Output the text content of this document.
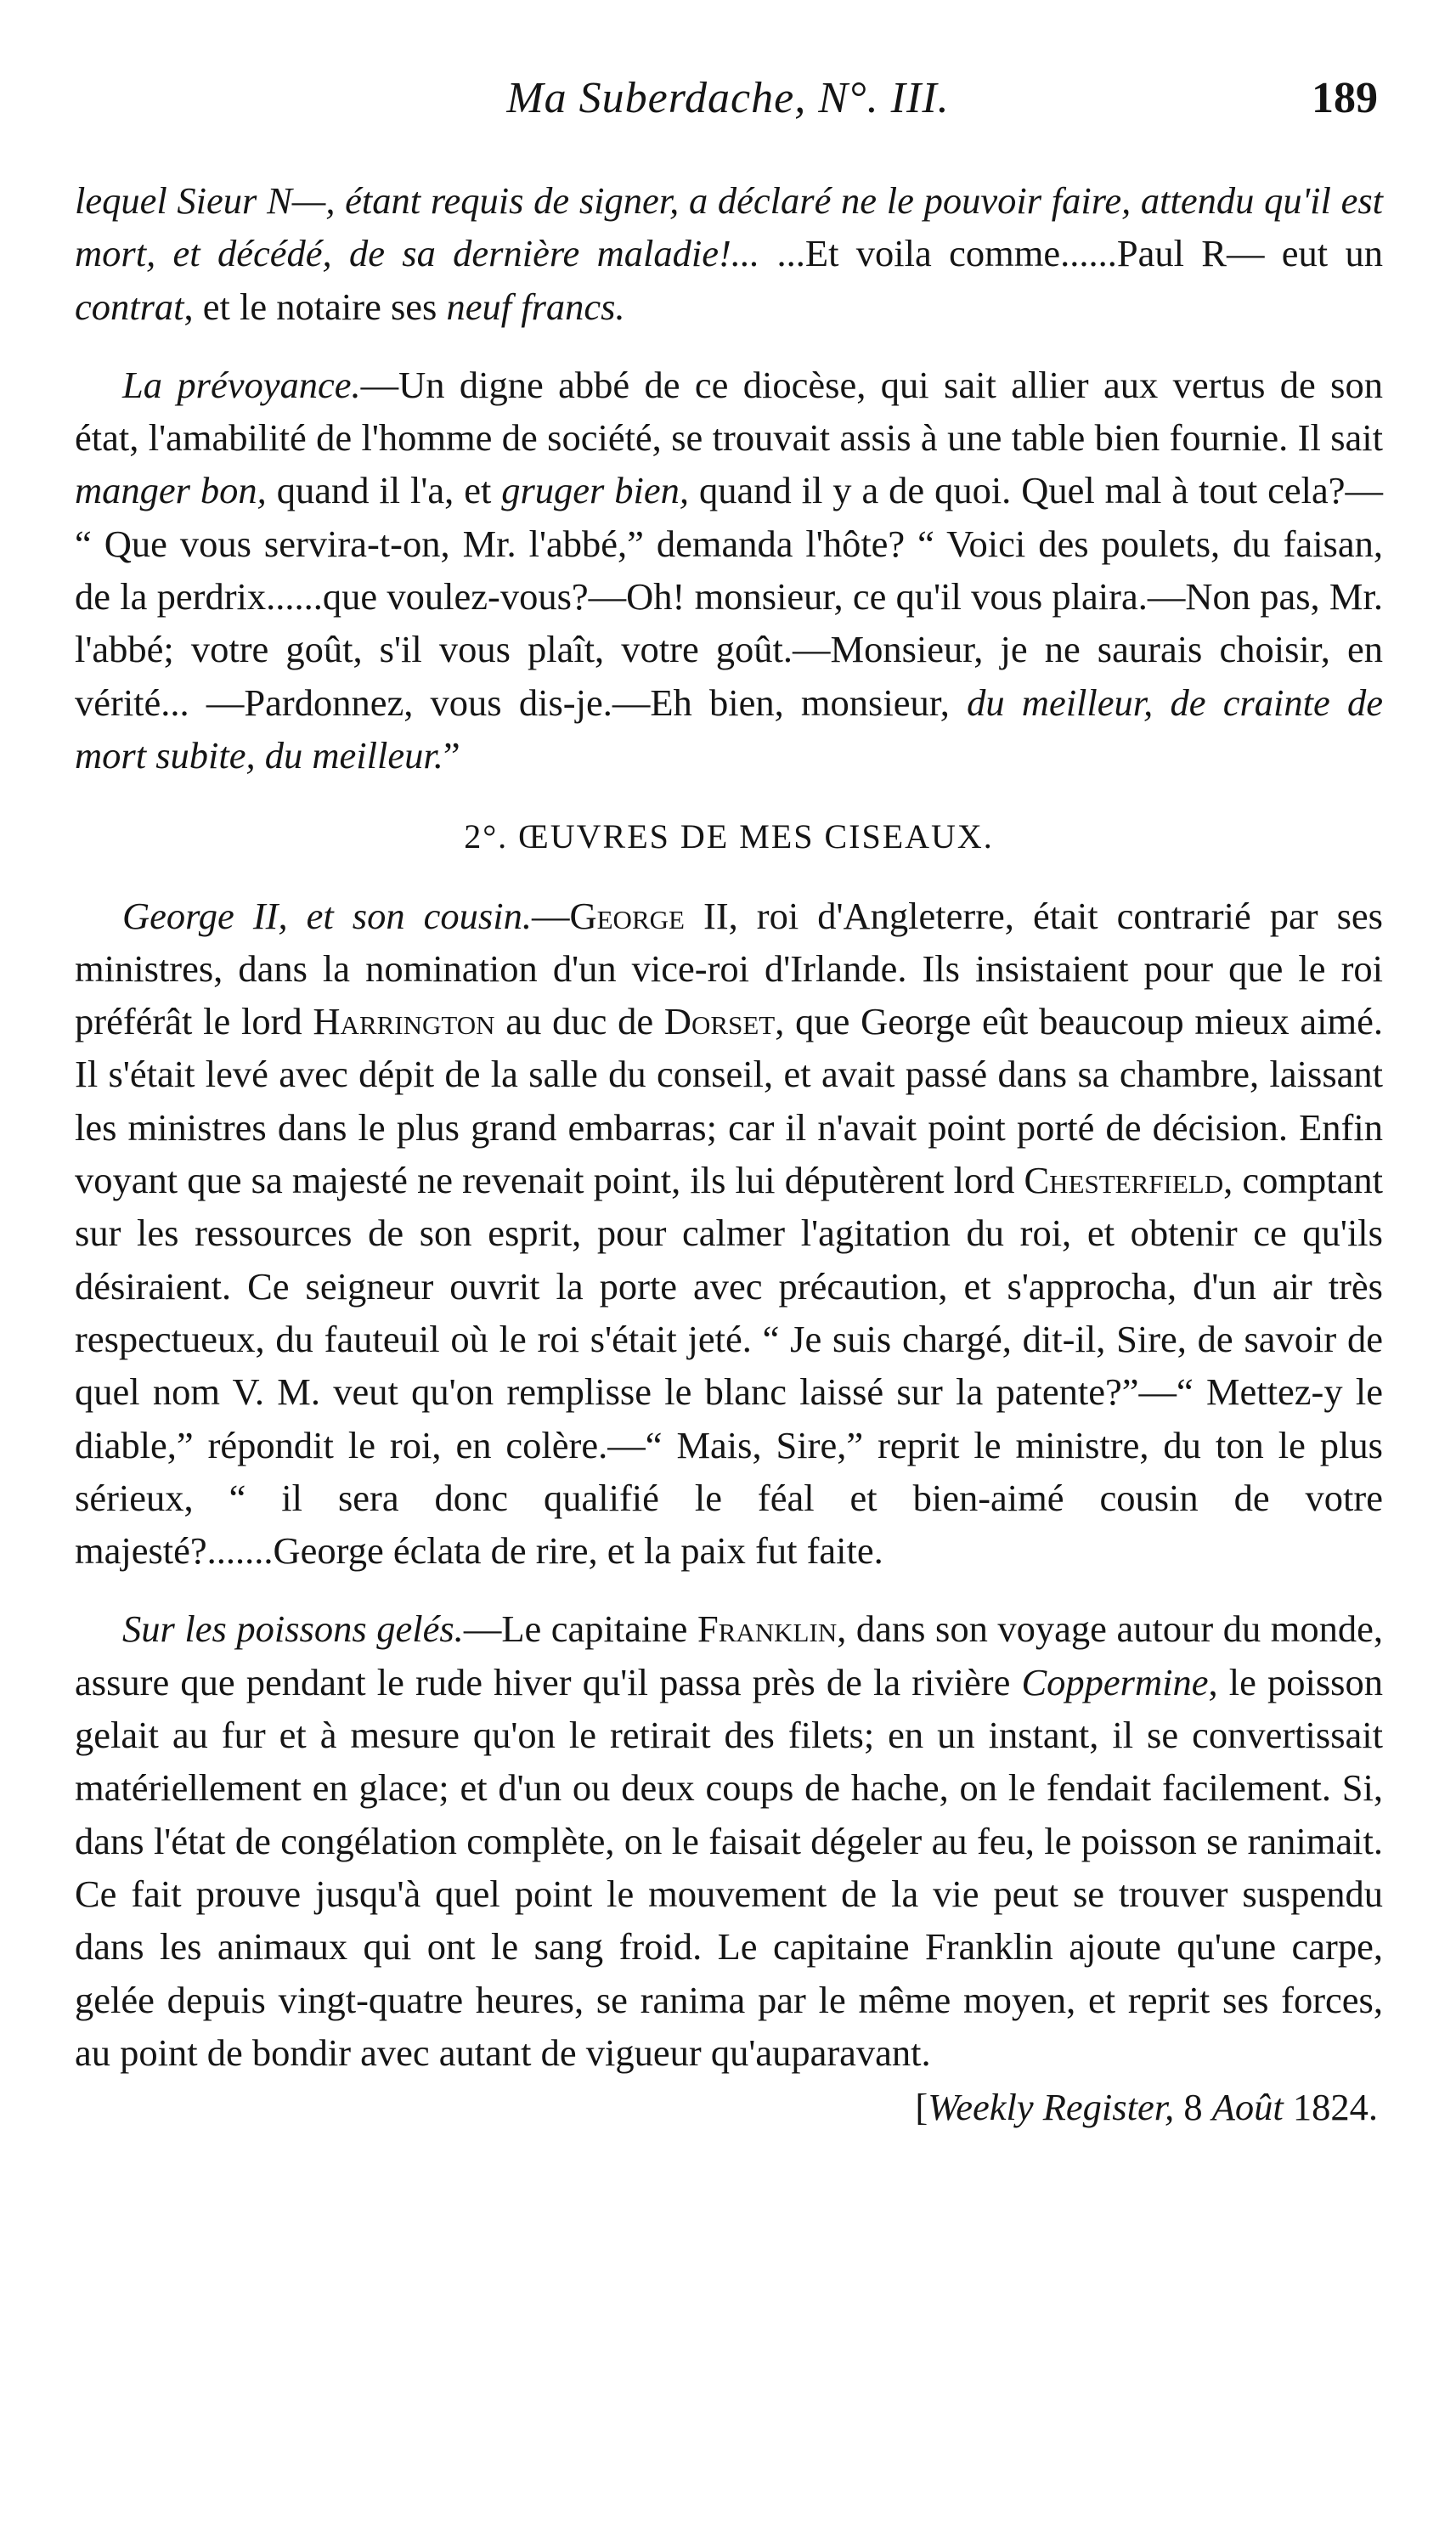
Ma Suberdache, N°. III.	189

lequel Sieur N—, étant requis de signer, a déclaré ne le pouvoir faire, attendu qu'il est mort, et décédé, de sa dernière maladie!... ...Et voila comme......Paul R— eut un contrat, et le notaire ses neuf francs.

La prévoyance.—Un digne abbé de ce diocèse, qui sait allier aux vertus de son état, l'amabilité de l'homme de société, se trouvait assis à une table bien fournie. Il sait manger bon, quand il l'a, et gruger bien, quand il y a de quoi. Quel mal à tout cela?— “ Que vous servira-t-on, Mr. l'abbé,” demanda l'hôte? “ Voici des poulets, du faisan, de la perdrix......que voulez-vous?—Oh! monsieur, ce qu'il vous plaira.—Non pas, Mr. l'abbé; votre goût, s'il vous plaît, votre goût.—Monsieur, je ne saurais choisir, en vérité... —Pardonnez, vous dis-je.—Eh bien, monsieur, du meilleur, de crainte de mort subite, du meilleur.”

2°. ŒUVRES DE MES CISEAUX.

George II, et son cousin.—George II, roi d'Angleterre, était contrarié par ses ministres, dans la nomination d'un vice-roi d'Irlande. Ils insistaient pour que le roi préférât le lord Harrington au duc de Dorset, que George eût beaucoup mieux aimé. Il s'était levé avec dépit de la salle du conseil, et avait passé dans sa chambre, laissant les ministres dans le plus grand embarras; car il n'avait point porté de décision. Enfin voyant que sa majesté ne revenait point, ils lui députèrent lord Chesterfield, comptant sur les ressources de son esprit, pour calmer l'agitation du roi, et obtenir ce qu'ils désiraient. Ce seigneur ouvrit la porte avec précaution, et s'approcha, d'un air très respectueux, du fauteuil où le roi s'était jeté. “ Je suis chargé, dit-il, Sire, de savoir de quel nom V. M. veut qu'on remplisse le blanc laissé sur la patente?”—“ Mettez-y le diable,” répondit le roi, en colère.—“ Mais, Sire,” reprit le ministre, du ton le plus sérieux, “ il sera donc qualifié le féal et bien-aimé cousin de votre majesté?.......George éclata de rire, et la paix fut faite.

Sur les poissons gelés.—Le capitaine Franklin, dans son voyage autour du monde, assure que pendant le rude hiver qu'il passa près de la rivière Coppermine, le poisson gelait au fur et à mesure qu'on le retirait des filets; en un instant, il se convertissait matériellement en glace; et d'un ou deux coups de hache, on le fendait facilement. Si, dans l'état de congélation complète, on le faisait dégeler au feu, le poisson se ranimait. Ce fait prouve jusqu'à quel point le mouvement de la vie peut se trouver suspendu dans les animaux qui ont le sang froid. Le capitaine Franklin ajoute qu'une carpe, gelée depuis vingt-quatre heures, se ranima par le même moyen, et reprit ses forces, au point de bondir avec autant de vigueur qu'auparavant.

[Weekly Register, 8 Août 1824.
